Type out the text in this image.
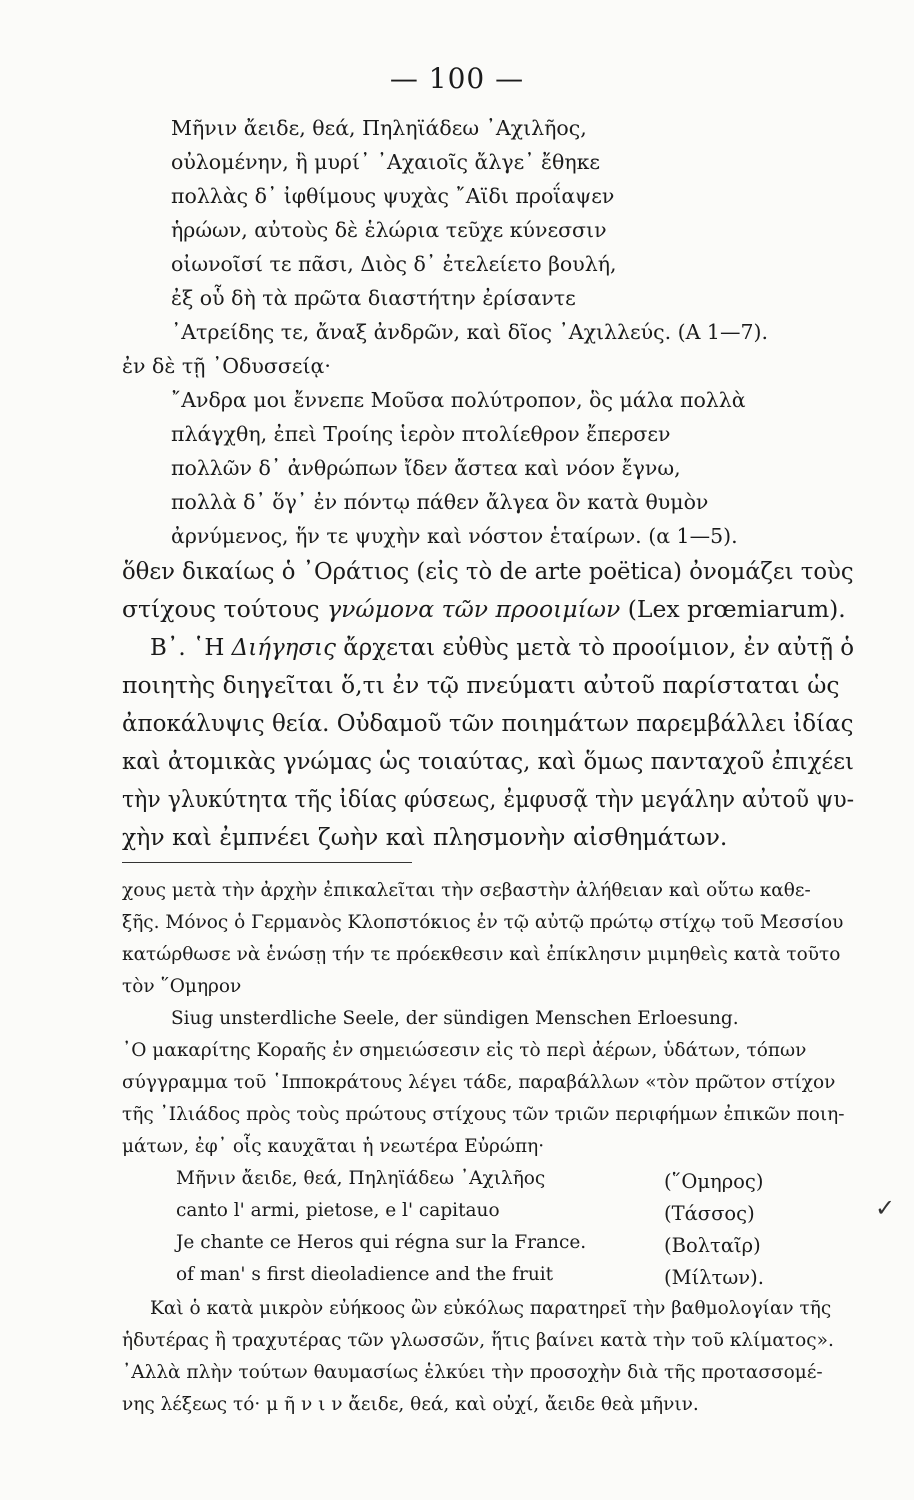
— 100 —
Μῆνιν ἄειδε, θεά, Πηληϊάδεω ᾿Αχιλῆος,
οὐλομένην, ἣ μυρί᾿ ᾿Αχαιοῖς ἄλγε᾿ ἔθηκε
πολλὰς δ᾿ ἰφθίμους ψυχὰς ῎Αϊδι προΐαψεν
ἡρώων, αὐτοὺς δὲ ἑλώρια τεῦχε κύνεσσιν
οἰωνοῖσί τε πᾶσι, Διὸς δ᾿ ἐτελείετο βουλή,
ἐξ οὗ δὴ τὰ πρῶτα διαστήτην ἐρίσαντε
᾿Ατρείδης τε, ἄναξ ἀνδρῶν, καὶ δῖος ᾿Αχιλλεύς. (Α 1—7).
ἐν δὲ τῇ ᾿Οδυσσείᾳ·
῎Ανδρα μοι ἔννεπε Μοῦσα πολύτροπον, ὃς μάλα πολλὰ
πλάγχθη, ἐπεὶ Τροίης ἱερὸν πτολίεθρον ἔπερσεν
πολλῶν δ᾿ ἀνθρώπων ἴδεν ἄστεα καὶ νόον ἔγνω,
πολλὰ δ᾿ ὅγ᾿ ἐν πόντῳ πάθεν ἄλγεα ὃν κατὰ θυμὸν
ἀρνύμενος, ἥν τε ψυχὴν καὶ νόστον ἑταίρων. (α 1—5).
ὅθεν δικαίως ὁ ᾿Οράτιος (εἰς τὸ de arte poëtica) ὀνομάζει τοὺς
στίχους τούτους γνώμονα τῶν προοιμίων (Lex prœmiarum).
Β᾿. ῾Η Διήγησις ἄρχεται εὐθὺς μετὰ τὸ προοίμιον, ἐν αὐτῇ ὁ
ποιητὴς διηγεῖται ὅ,τι ἐν τῷ πνεύματι αὐτοῦ παρίσταται ὡς
ἀποκάλυψις θεία. Οὐδαμοῦ τῶν ποιημάτων παρεμβάλλει ἰδίας
καὶ ἀτομικὰς γνώμας ὡς τοιαύτας, καὶ ὅμως πανταχοῦ ἐπιχέει
τὴν γλυκύτητα τῆς ἰδίας φύσεως, ἐμφυσᾷ τὴν μεγάλην αὐτοῦ ψυ-
χους μετὰ τὴν ἀρχὴν ἐπικαλεῖται τὴν σεβαστὴν ἀλήθειαν καὶ οὕτω καθε-
ξῆς. Μόνος ὁ Γερμανὸς Κλοπστόκιος ἐν τῷ αὐτῷ πρώτῳ στίχῳ τοῦ Μεσσίου
κατώρθωσε νὰ ἑνώσῃ τήν τε πρόεκθεσιν καὶ ἐπίκλησιν μιμηθεὶς κατὰ τοῦτο
τὸν ῞Ομηρον
Siug unsterdliche Seele, der sündigen Menschen Erloesung.
᾿Ο μακαρίτης Κοραῆς ἐν σημειώσεσιν εἰς τὸ περὶ ἀέρων, ὑδάτων, τόπων
σύγγραμμα τοῦ ῾Ιπποκράτους λέγει τάδε, παραβάλλων «τὸν πρῶτον στίχον
τῆς ᾿Ιλιάδος πρὸς τοὺς πρώτους στίχους τῶν τριῶν περιφήμων ἐπικῶν ποιη-
μάτων, ἐφ᾿ οἷς καυχᾶται ἡ νεωτέρα Εὐρώπη·
Μῆνιν ἄειδε, θεά, Πηληϊάδεω ᾿Αχιλῆος	(῞Ομηρος)
canto l' armi, pietose, e l' capitauo	(Τάσσος)
Je chante ce Heros qui régna sur la France.	(Βολταῖρ)
of man' s first dieoladience and the fruit	(Μίλτων).
Καὶ ὁ κατὰ μικρὸν εὐήκοος ὢν εὐκόλως παρατηρεῖ τὴν βαθμολογίαν τῆς
ἡδυτέρας ἢ τραχυτέρας τῶν γλωσσῶν, ἥτις βαίνει κατὰ τὴν τοῦ κλίματος».
᾿Αλλὰ πλὴν τούτων θαυμασίως ἑλκύει τὴν προσοχὴν διὰ τῆς προτασσομέ-
νης λέξεως τό· μ ῆ ν ι ν ἄειδε, θεά, καὶ οὐχί, ἄειδε θεὰ μῆνιν.
✓
χὴν καὶ ἐμπνέει ζωὴν καὶ πλησμονὴν αἰσθημάτων.
